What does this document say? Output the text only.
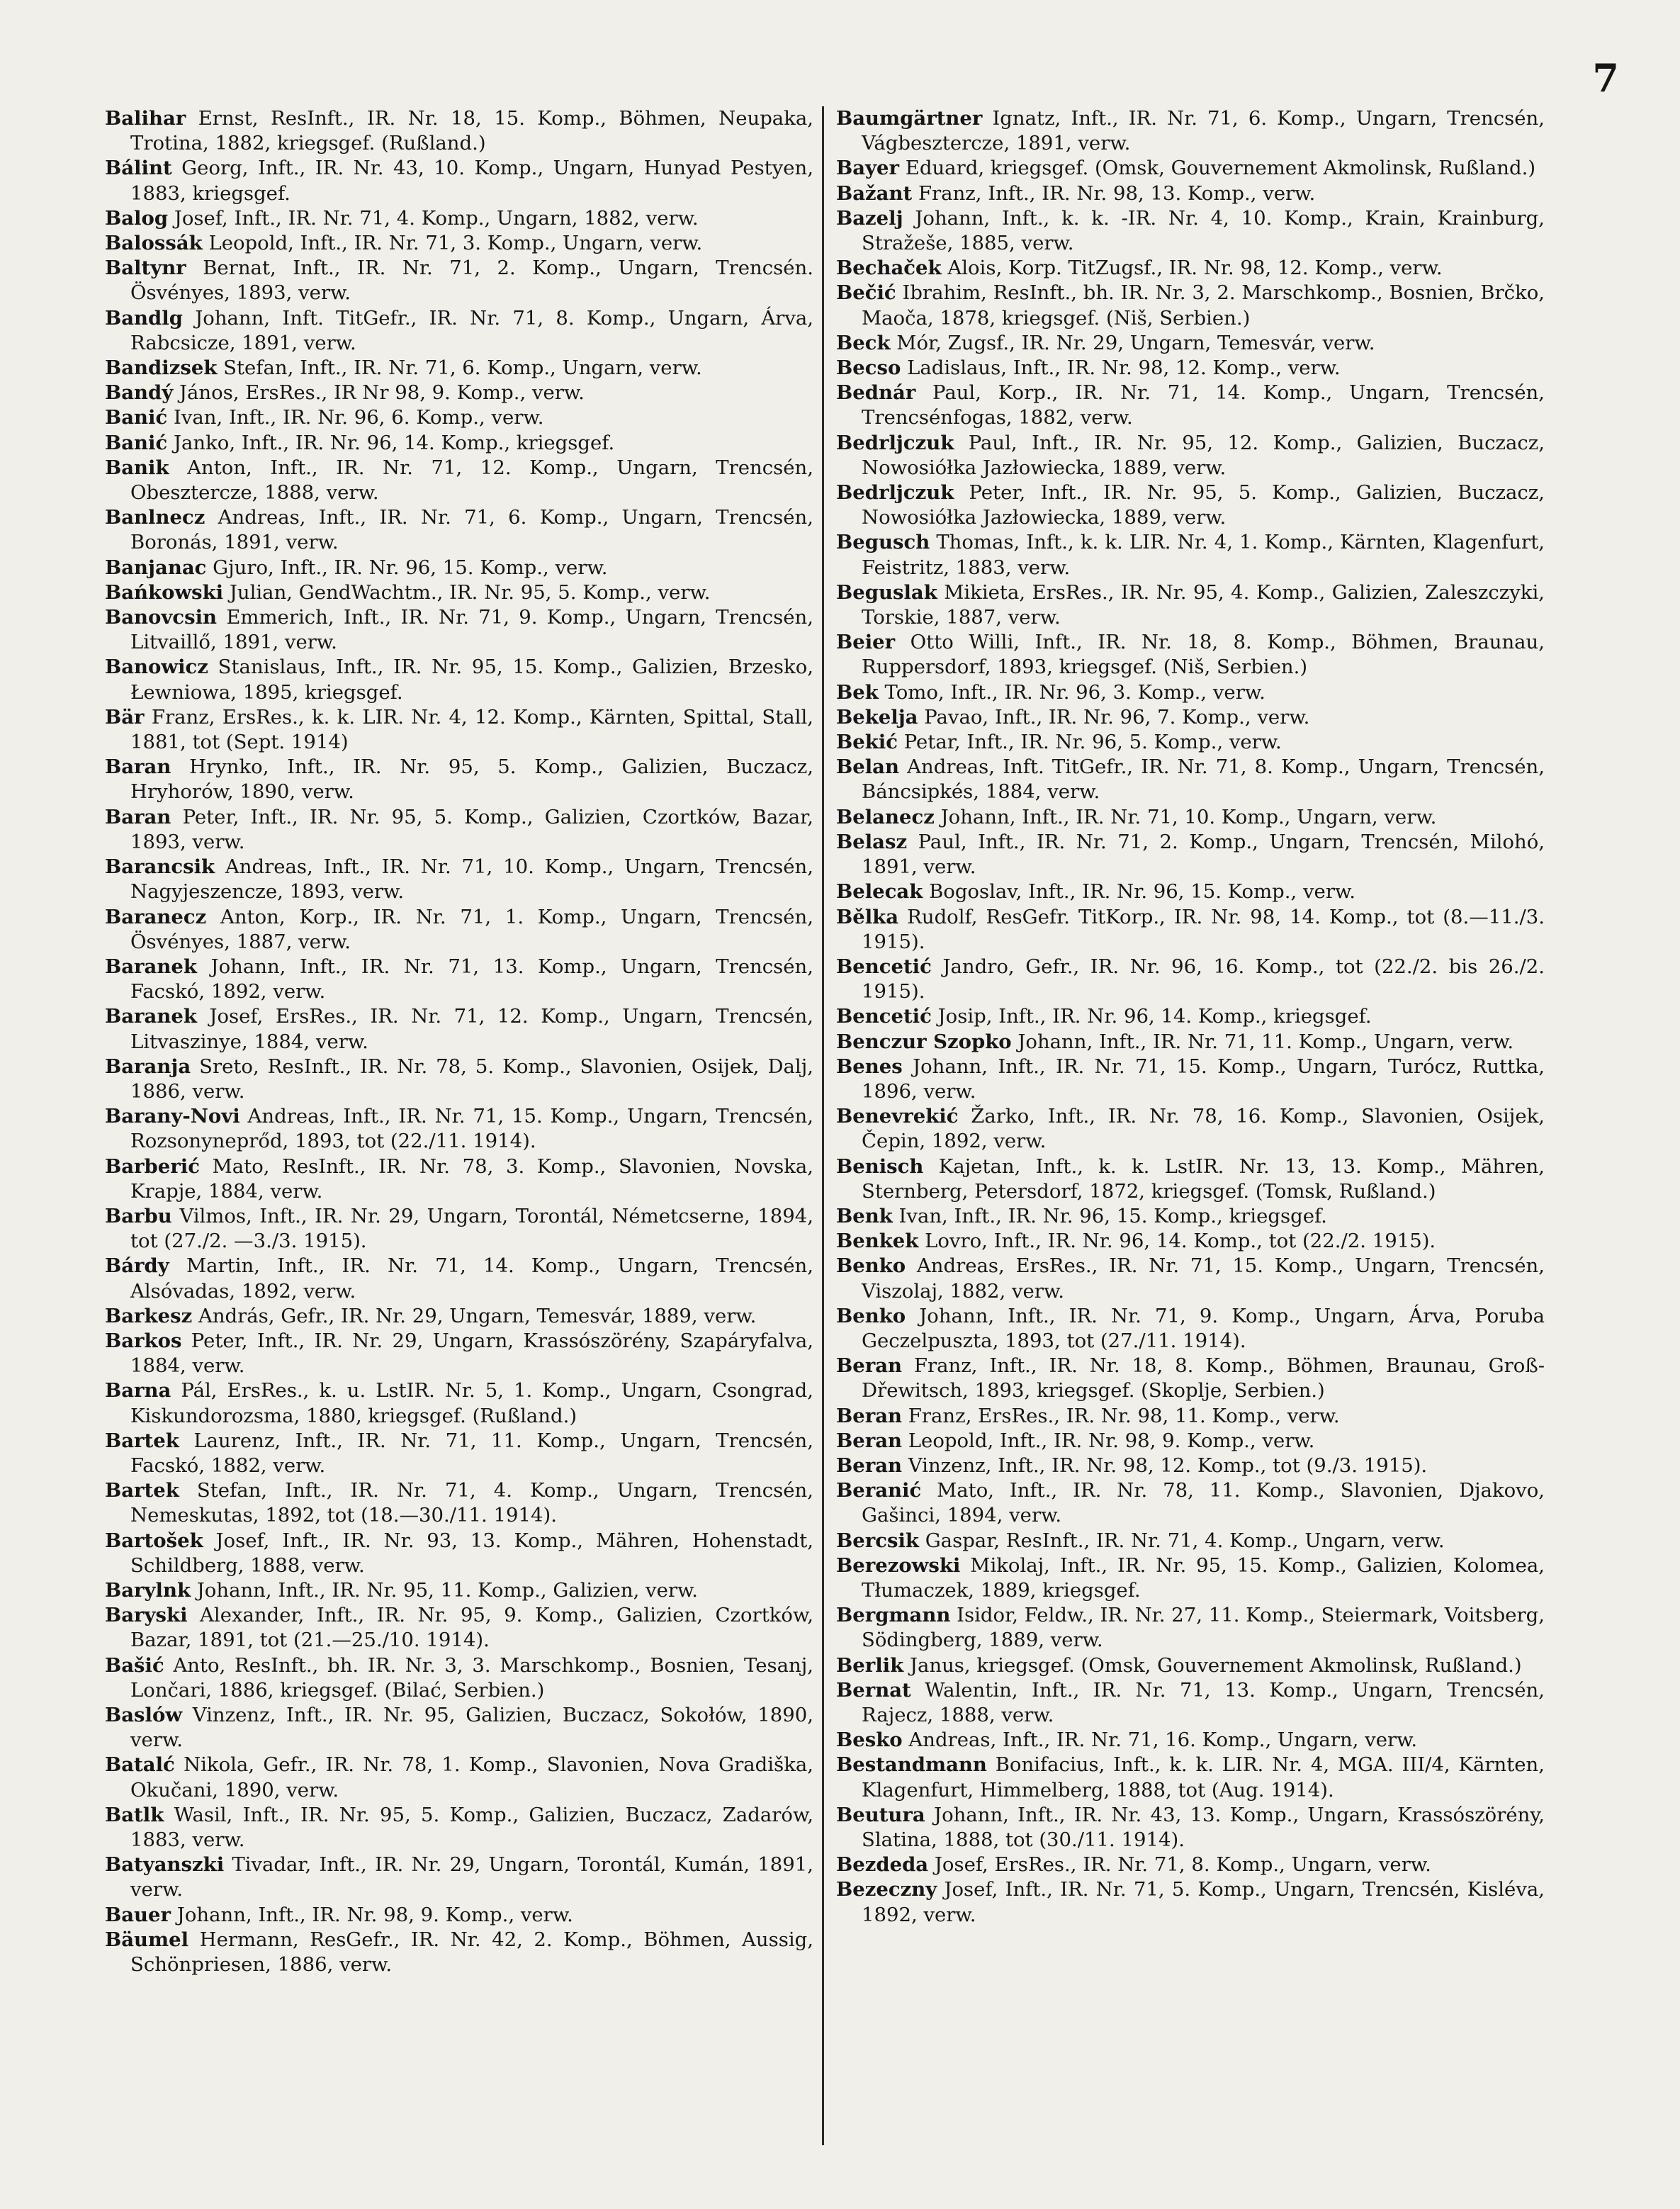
7

Balihar Ernst, ResInft., IR. Nr. 18, 15. Komp., Böhmen, Neupaka, Trotina, 1882, kriegsgef. (Rußland.)

Bálint Georg, Inft., IR. Nr. 43, 10. Komp., Ungarn, Hunyad Pestyen, 1883, kriegsgef.

Balog Josef, Inft., IR. Nr. 71, 4. Komp., Ungarn, 1882, verw.

Balossák Leopold, Inft., IR. Nr. 71, 3. Komp., Ungarn, verw.

Baltynr Bernat, Inft., IR. Nr. 71, 2. Komp., Ungarn, Trencsén. Ösvényes, 1893, verw.

Bandlg Johann, Inft. TitGefr., IR. Nr. 71, 8. Komp., Ungarn, Árva, Rabcsicze, 1891, verw.

Bandizsek Stefan, Inft., IR. Nr. 71, 6. Komp., Ungarn, verw.

Bandý János, ErsRes., IR Nr 98, 9. Komp., verw.

Banić Ivan, Inft., IR. Nr. 96, 6. Komp., verw.

Banić Janko, Inft., IR. Nr. 96, 14. Komp., kriegsgef.

Banik Anton, Inft., IR. Nr. 71, 12. Komp., Ungarn, Trencsén, Obesztercze, 1888, verw.

Banlnecz Andreas, Inft., IR. Nr. 71, 6. Komp., Ungarn, Trencsén, Boronás, 1891, verw.

Banjanac Gjuro, Inft., IR. Nr. 96, 15. Komp., verw.

Bańkowski Julian, GendWachtm., IR. Nr. 95, 5. Komp., verw.

Banovcsin Emmerich, Inft., IR. Nr. 71, 9. Komp., Ungarn, Trencsén, Litvaillő, 1891, verw.

Banowicz Stanislaus, Inft., IR. Nr. 95, 15. Komp., Galizien, Brzesko, Łewniowa, 1895, kriegsgef.

Bär Franz, ErsRes., k. k. LIR. Nr. 4, 12. Komp., Kärnten, Spittal, Stall, 1881, tot (Sept. 1914)

Baran Hrynko, Inft., IR. Nr. 95, 5. Komp., Galizien, Buczacz, Hryhorów, 1890, verw.

Baran Peter, Inft., IR. Nr. 95, 5. Komp., Galizien, Czortków, Bazar, 1893, verw.

Barancsik Andreas, Inft., IR. Nr. 71, 10. Komp., Ungarn, Trencsén, Nagyjeszencze, 1893, verw.

Baraneсz Anton, Korp., IR. Nr. 71, 1. Komp., Ungarn, Trencsén, Ösvényes, 1887, verw.

Baranek Johann, Inft., IR. Nr. 71, 13. Komp., Ungarn, Trencsén, Facskó, 1892, verw.

Baranek Josef, ErsRes., IR. Nr. 71, 12. Komp., Ungarn, Trencsén, Litvaszinye, 1884, verw.

Baranja Sreto, ResInft., IR. Nr. 78, 5. Komp., Slavonien, Osijek, Dalj, 1886, verw.

Barany-Novi Andreas, Inft., IR. Nr. 71, 15. Komp., Ungarn, Trencsén, Rozsonyneprőd, 1893, tot (22./11. 1914).

Barberić Mato, ResInft., IR. Nr. 78, 3. Komp., Slavonien, Novska, Krapje, 1884, verw.

Barbu Vilmos, Inft., IR. Nr. 29, Ungarn, Torontál, Németcserne, 1894, tot (27./2. —3./3. 1915).

Bárdy Martin, Inft., IR. Nr. 71, 14. Komp., Ungarn, Trencsén, Alsóvadas, 1892, verw.

Barkesz András, Gefr., IR. Nr. 29, Ungarn, Temesvár, 1889, verw.

Barkos Peter, Inft., IR. Nr. 29, Ungarn, Krassószörény, Szapáryfalva, 1884, verw.

Barna Pál, ErsRes., k. u. LstIR. Nr. 5, 1. Komp., Ungarn, Csongrad, Kiskundorozsma, 1880, kriegsgef. (Rußland.)

Bartek Laurenz, Inft., IR. Nr. 71, 11. Komp., Ungarn, Trencsén, Facskó, 1882, verw.

Bartek Stefan, Inft., IR. Nr. 71, 4. Komp., Ungarn, Trencsén, Nemeskutas, 1892, tot (18.—30./11. 1914).

Bartošek Josef, Inft., IR. Nr. 93, 13. Komp., Mähren, Hohenstadt, Schildberg, 1888, verw.

Barylnk Johann, Inft., IR. Nr. 95, 11. Komp., Galizien, verw.

Baryski Alexander, Inft., IR. Nr. 95, 9. Komp., Galizien, Czortków, Bazar, 1891, tot (21.—25./10. 1914).

Bašić Anto, ResInft., bh. IR. Nr. 3, 3. Marschkomp., Bosnien, Tesanj, Lončari, 1886, kriegsgef. (Bilać, Serbien.)

Baslów Vinzenz, Inft., IR. Nr. 95, Galizien, Buczacz, Sokołów, 1890, verw.

Batalć Nikola, Gefr., IR. Nr. 78, 1. Komp., Slavonien, Nova Gradiška, Okučani, 1890, verw.

Batlk Wasil, Inft., IR. Nr. 95, 5. Komp., Galizien, Buczacz, Zadarów, 1883, verw.

Batyanszki Tivadar, Inft., IR. Nr. 29, Ungarn, Torontál, Kumán, 1891, verw.

Bauer Johann, Inft., IR. Nr. 98, 9. Komp., verw.

Bäumel Hermann, ResGefr., IR. Nr. 42, 2. Komp., Böhmen, Aussig, Schönpriesen, 1886, verw.

Baumgärtner Ignatz, Inft., IR. Nr. 71, 6. Komp., Ungarn, Trencsén, Vágbeszterczе, 1891, verw.

Bayer Eduard, kriegsgef. (Omsk, Gouvernement Akmolinsk, Rußland.)

Bažant Franz, Inft., IR. Nr. 98, 13. Komp., verw.

Bazelj Johann, Inft., k. k. -IR. Nr. 4, 10. Komp., Krain, Krainburg, Stražeše, 1885, verw.

Bechaček Alois, Korp. TitZugsf., IR. Nr. 98, 12. Komp., verw.

Bečić Ibrahim, ResInft., bh. IR. Nr. 3, 2. Marschkomp., Bosnien, Brčko, Maoča, 1878, kriegsgef. (Niš, Serbien.)

Beck Mór, Zugsf., IR. Nr. 29, Ungarn, Temesvár, verw.

Becso Ladislaus, Inft., IR. Nr. 98, 12. Komp., verw.

Bednár Paul, Korp., IR. Nr. 71, 14. Komp., Ungarn, Trencsén, Trencsénfogas, 1882, verw.

Bedrljczuk Paul, Inft., IR. Nr. 95, 12. Komp., Galizien, Buczacz, Nowosiółka Jazłowiecka, 1889, verw.

Bedrljczuk Peter, Inft., IR. Nr. 95, 5. Komp., Galizien, Buczacz, Nowosiółka Jazłowiecka, 1889, verw.

Begusch Thomas, Inft., k. k. LIR. Nr. 4, 1. Komp., Kärnten, Klagenfurt, Feistritz, 1883, verw.

Beguslak Mikieta, ErsRes., IR. Nr. 95, 4. Komp., Galizien, Zaleszczyki, Torskie, 1887, verw.

Beier Otto Willi, Inft., IR. Nr. 18, 8. Komp., Böhmen, Braunau, Ruppersdorf, 1893, kriegsgef. (Niš, Serbien.)

Bek Tomo, Inft., IR. Nr. 96, 3. Komp., verw.

Bekelja Pavao, Inft., IR. Nr. 96, 7. Komp., verw.

Bekić Petar, Inft., IR. Nr. 96, 5. Komp., verw.

Belan Andreas, Inft. TitGefr., IR. Nr. 71, 8. Komp., Ungarn, Trencsén, Báncsipkés, 1884, verw.

Belanecz Johann, Inft., IR. Nr. 71, 10. Komp., Ungarn, verw.

Belasz Paul, Inft., IR. Nr. 71, 2. Komp., Ungarn, Trencsén, Milohó, 1891, verw.

Belecak Bogoslav, Inft., IR. Nr. 96, 15. Komp., verw.

Bělka Rudolf, ResGefr. TitKorp., IR. Nr. 98, 14. Komp., tot (8.—11./3. 1915).

Bencetić Jandro, Gefr., IR. Nr. 96, 16. Komp., tot (22./2. bis 26./2. 1915).

Bencetić Josip, Inft., IR. Nr. 96, 14. Komp., kriegsgef.

Benczur Szopko Johann, Inft., IR. Nr. 71, 11. Komp., Ungarn, verw.

Benes Johann, Inft., IR. Nr. 71, 15. Komp., Ungarn, Turócz, Ruttka, 1896, verw.

Benevrekić Žarko, Inft., IR. Nr. 78, 16. Komp., Slavonien, Osijek, Čepin, 1892, verw.

Benisch Kajetan, Inft., k. k. LstIR. Nr. 13, 13. Komp., Mähren, Sternberg, Petersdorf, 1872, kriegsgef. (Tomsk, Rußland.)

Benk Ivan, Inft., IR. Nr. 96, 15. Komp., kriegsgef.

Benkek Lovro, Inft., IR. Nr. 96, 14. Komp., tot (22./2. 1915).

Benko Andreas, ErsRes., IR. Nr. 71, 15. Komp., Ungarn, Trencsén, Viszolaj, 1882, verw.

Benko Johann, Inft., IR. Nr. 71, 9. Komp., Ungarn, Árva, Poruba Geczelpuszta, 1893, tot (27./11. 1914).

Beran Franz, Inft., IR. Nr. 18, 8. Komp., Böhmen, Braunau, Groß-Dřewitsch, 1893, kriegsgef. (Skoplje, Serbien.)

Beran Franz, ErsRes., IR. Nr. 98, 11. Komp., verw.

Beran Leopold, Inft., IR. Nr. 98, 9. Komp., verw.

Beran Vinzenz, Inft., IR. Nr. 98, 12. Komp., tot (9./3. 1915).

Beranić Mato, Inft., IR. Nr. 78, 11. Komp., Slavonien, Djakovo, Gašinci, 1894, verw.

Bercsik Gaspar, ResInft., IR. Nr. 71, 4. Komp., Ungarn, verw.

Berezowski Mikolaj, Inft., IR. Nr. 95, 15. Komp., Galizien, Kolomea, Tłumaczek, 1889, kriegsgef.

Bergmann Isidor, Feldw., IR. Nr. 27, 11. Komp., Steiermark, Voitsberg, Södingberg, 1889, verw.

Berlik Janus, kriegsgef. (Omsk, Gouvernement Akmolinsk, Rußland.)

Bernat Walentin, Inft., IR. Nr. 71, 13. Komp., Ungarn, Trencsén, Rajecz, 1888, verw.

Besko Andreas, Inft., IR. Nr. 71, 16. Komp., Ungarn, verw.

Bestandmann Bonifacius, Inft., k. k. LIR. Nr. 4, MGA. III/4, Kärnten, Klagenfurt, Himmelberg, 1888, tot (Aug. 1914).

Beutura Johann, Inft., IR. Nr. 43, 13. Komp., Ungarn, Krassószörény, Slatina, 1888, tot (30./11. 1914).

Bezdeda Josef, ErsRes., IR. Nr. 71, 8. Komp., Ungarn, verw.

Bezeczny Josef, Inft., IR. Nr. 71, 5. Komp., Ungarn, Trencsén, Kisléva, 1892, verw.
